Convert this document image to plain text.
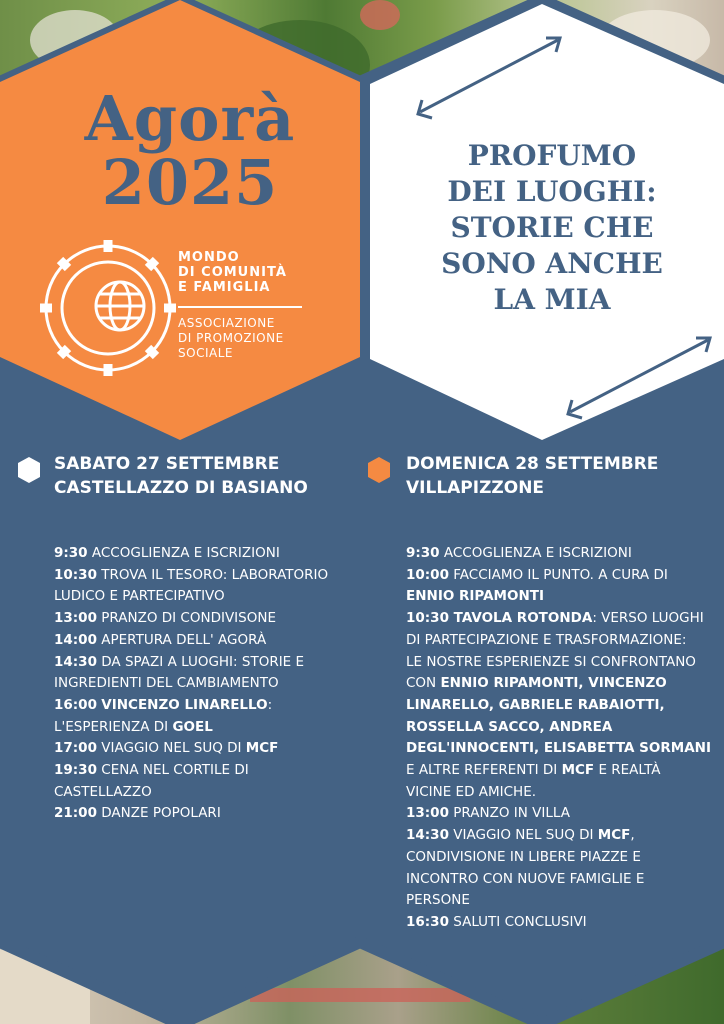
Agorà
2025
MONDO
DI COMUNITÀ
E FAMIGLIA
ASSOCIAZIONE
DI PROMOZIONE
SOCIALE
PROFUMO
DEI LUOGHI:
STORIE CHE
SONO ANCHE
LA MIA
SABATO 27 SETTEMBRE
CASTELLAZZO DI BASIANO
DOMENICA 28 SETTEMBRE
VILLAPIZZONE
9:30 ACCOGLIENZA E ISCRIZIONI
10:30 TROVA IL TESORO: LABORATORIO
LUDICO E PARTECIPATIVO
13:00 PRANZO DI CONDIVISONE
14:00 APERTURA DELL' AGORÀ
14:30 DA SPAZI A LUOGHI: STORIE E
INGREDIENTI DEL CAMBIAMENTO
16:00 VINCENZO LINARELLO:
L'ESPERIENZA DI GOEL
17:00 VIAGGIO NEL SUQ DI MCF
19:30 CENA NEL CORTILE DI
CASTELLAZZO
21:00 DANZE POPOLARI
9:30 ACCOGLIENZA E ISCRIZIONI
10:00 FACCIAMO IL PUNTO. A CURA DI
ENNIO RIPAMONTI
10:30 TAVOLA ROTONDA: VERSO LUOGHI
DI PARTECIPAZIONE E TRASFORMAZIONE:
LE NOSTRE ESPERIENZE SI CONFRONTANO
CON ENNIO RIPAMONTI, VINCENZO
LINARELLO, GABRIELE RABAIOTTI,
ROSSELLA SACCO, ANDREA
DEGL'INNOCENTI, ELISABETTA SORMANI
E ALTRE REFERENTI DI MCF E REALTÀ
VICINE ED AMICHE.
13:00 PRANZO IN VILLA
14:30 VIAGGIO NEL SUQ DI MCF,
CONDIVISIONE IN LIBERE PIAZZE E
INCONTRO CON NUOVE FAMIGLIE E
PERSONE
16:30 SALUTI CONCLUSIVI
